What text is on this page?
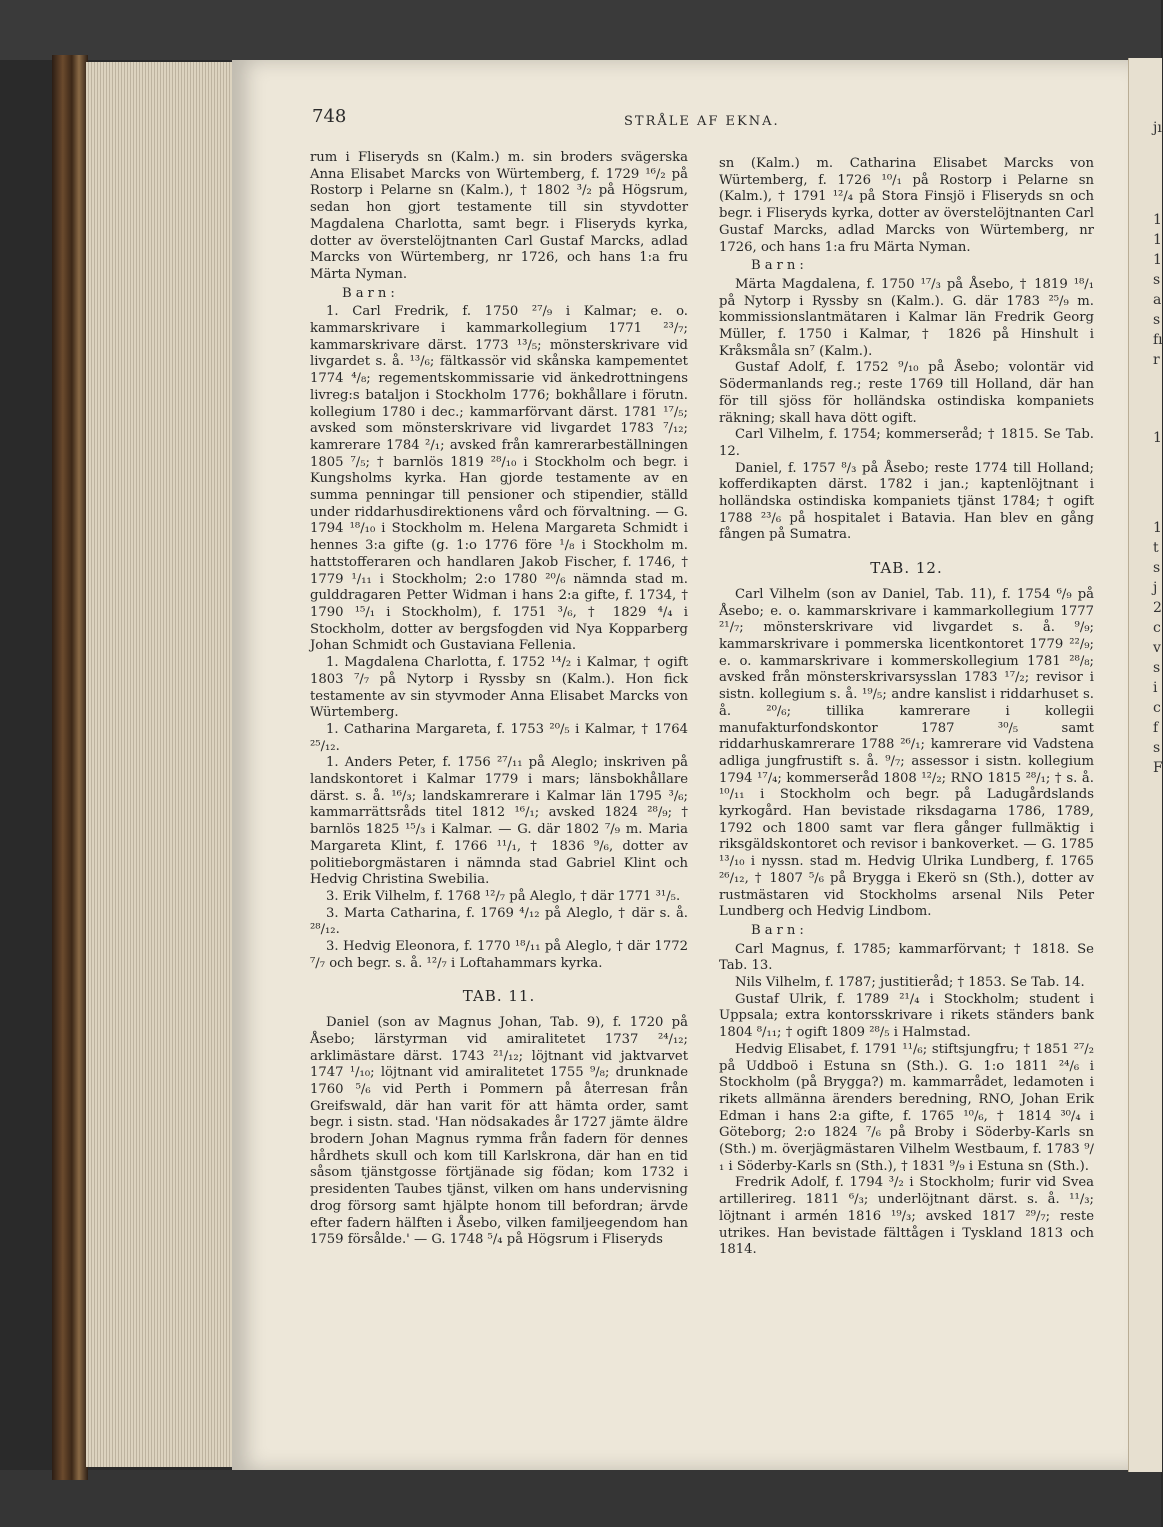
748	STRÅLE AF EKNA.

rum i Fliseryds sn (Kalm.) m. sin broders svägerska Anna Elisabet Marcks von Würtemberg, f. 1729 ¹⁶/₂ på Rostorp i Pelarne sn (Kalm.), † 1802 ³/₂ på Högsrum, sedan hon gjort testamente till sin styvdotter Magdalena Charlotta, samt begr. i Fliseryds kyrka, dotter av överstelöjtnanten Carl Gustaf Marcks, adlad Marcks von Würtemberg, nr 1726, och hans 1:a fru Märta Nyman.

Barn:

1. Carl Fredrik, f. 1750 ²⁷/₉ i Kalmar; e. o. kammarskrivare i kammarkollegium 1771 ²³/₇; kammarskrivare därst. 1773 ¹³/₅; mönsterskrivare vid livgardet s. å. ¹³/₆; fältkassör vid skånska kampementet 1774 ⁴/₈; regementskommissarie vid änkedrottningens livreg:s bataljon i Stockholm 1776; bokhållare i förutn. kollegium 1780 i dec.; kammarförvant därst. 1781 ¹⁷/₅; avsked som mönsterskrivare vid livgardet 1783 ⁷/₁₂; kamrerare 1784 ²/₁; avsked från kamrerarbeställningen 1805 ⁷/₅; † barnlös 1819 ²⁸/₁₀ i Stockholm och begr. i Kungsholms kyrka. Han gjorde testamente av en summa penningar till pensioner och stipendier, ställd under riddarhusdirektionens vård och förvaltning. — G. 1794 ¹⁸/₁₀ i Stockholm m. Helena Margareta Schmidt i hennes 3:a gifte (g. 1:o 1776 före ¹/₈ i Stockholm m. hattstofferaren och handlaren Jakob Fischer, f. 1746, † 1779 ¹/₁₁ i Stockholm; 2:o 1780 ²⁰/₆ nämnda stad m. gulddragaren Petter Widman i hans 2:a gifte, f. 1734, † 1790 ¹⁵/₁ i Stockholm), f. 1751 ³/₆, † 1829 ⁴/₄ i Stockholm, dotter av bergsfogden vid Nya Kopparberg Johan Schmidt och Gustaviana Fellenia.

1. Magdalena Charlotta, f. 1752 ¹⁴/₂ i Kalmar, † ogift 1803 ⁷/₇ på Nytorp i Ryssby sn (Kalm.). Hon fick testamente av sin styvmoder Anna Elisabet Marcks von Würtemberg.

1. Catharina Margareta, f. 1753 ²⁰/₅ i Kalmar, † 1764 ²⁵/₁₂.

1. Anders Peter, f. 1756 ²⁷/₁₁ på Aleglo; inskriven på landskontoret i Kalmar 1779 i mars; länsbokhållare därst. s. å. ¹⁶/₃; landskamrerare i Kalmar län 1795 ³/₆; kammarrättsråds titel 1812 ¹⁶/₁; avsked 1824 ²⁸/₉; † barnlös 1825 ¹⁵/₃ i Kalmar. — G. där 1802 ⁷/₉ m. Maria Margareta Klint, f. 1766 ¹¹/₁, † 1836 ⁹/₆, dotter av politieborgmästaren i nämnda stad Gabriel Klint och Hedvig Christina Swebilia.

3. Erik Vilhelm, f. 1768 ¹²/₇ på Aleglo, † där 1771 ³¹/₅.

3. Marta Catharina, f. 1769 ⁴/₁₂ på Aleglo, † där s. å. ²⁸/₁₂.

3. Hedvig Eleonora, f. 1770 ¹⁸/₁₁ på Aleglo, † där 1772 ⁷/₇ och begr. s. å. ¹²/₇ i Loftahammars kyrka.

TAB. 11.

Daniel (son av Magnus Johan, Tab. 9), f. 1720 på Åsebo; lärstyrman vid amiralitetet 1737 ²⁴/₁₂; arklimästare därst. 1743 ²¹/₁₂; löjtnant vid jaktvarvet 1747 ¹/₁₀; löjtnant vid amiralitetet 1755 ⁹/₈; drunknade 1760 ⁵/₆ vid Perth i Pommern på återresan från Greifswald, där han varit för att hämta order, samt begr. i sistn. stad. 'Han nödsakades år 1727 jämte äldre brodern Johan Magnus rymma från fadern för dennes hårdhets skull och kom till Karlskrona, där han en tid såsom tjänstgosse förtjänade sig födan; kom 1732 i presidenten Taubes tjänst, vilken om hans undervisning drog försorg samt hjälpte honom till befordran; ärvde efter fadern hälften i Åsebo, vilken familjeegendom han 1759 försålde.' — G. 1748 ⁵/₄ på Högsrum i Fliseryds

sn (Kalm.) m. Catharina Elisabet Marcks von Würtemberg, f. 1726 ¹⁰/₁ på Rostorp i Pelarne sn (Kalm.), † 1791 ¹²/₄ på Stora Finsjö i Fliseryds sn och begr. i Fliseryds kyrka, dotter av överstelöjtnanten Carl Gustaf Marcks, adlad Marcks von Würtemberg, nr 1726, och hans 1:a fru Märta Nyman.

Barn:

Märta Magdalena, f. 1750 ¹⁷/₃ på Åsebo, † 1819 ¹⁸/₁ på Nytorp i Ryssby sn (Kalm.). G. där 1783 ²⁵/₉ m. kommissionslantmätaren i Kalmar län Fredrik Georg Müller, f. 1750 i Kalmar, † 1826 på Hinshult i Kråksmåla sn⁷ (Kalm.).

Gustaf Adolf, f. 1752 ⁹/₁₀ på Åsebo; volontär vid Södermanlands reg.; reste 1769 till Holland, där han för till sjöss för holländska ostindiska kompaniets räkning; skall hava dött ogift.

Carl Vilhelm, f. 1754; kommerseråd; † 1815. Se Tab. 12.

Daniel, f. 1757 ⁸/₃ på Åsebo; reste 1774 till Holland; kofferdikapten därst. 1782 i jan.; kaptenlöjtnant i holländska ostindiska kompaniets tjänst 1784; † ogift 1788 ²³/₆ på hospitalet i Batavia. Han blev en gång fången på Sumatra.

TAB. 12.

Carl Vilhelm (son av Daniel, Tab. 11), f. 1754 ⁶/₉ på Åsebo; e. o. kammarskrivare i kammarkollegium 1777 ²¹/₇; mönsterskrivare vid livgardet s. å. ⁹/₉; kammarskrivare i pommerska licentkontoret 1779 ²²/₉; e. o. kammarskrivare i kommerskollegium 1781 ²⁸/₈; avsked från mönsterskrivarsysslan 1783 ¹⁷/₂; revisor i sistn. kollegium s. å. ¹⁹/₅; andre kanslist i riddarhuset s. å. ²⁰/₆; tillika kamrerare i kollegii manufakturfondskontor 1787 ³⁰/₅ samt riddarhuskamrerare 1788 ²⁶/₁; kamrerare vid Vadstena adliga jungfrustift s. å. ⁹/₇; assessor i sistn. kollegium 1794 ¹⁷/₄; kommerseråd 1808 ¹²/₂; RNO 1815 ²⁸/₁; † s. å. ¹⁰/₁₁ i Stockholm och begr. på Ladugårdslands kyrkogård. Han bevistade riksdagarna 1786, 1789, 1792 och 1800 samt var flera gånger fullmäktig i riksgäldskontoret och revisor i bankoverket. — G. 1785 ¹³/₁₀ i nyssn. stad m. Hedvig Ulrika Lundberg, f. 1765 ²⁶/₁₂, † 1807 ⁵/₆ på Brygga i Ekerö sn (Sth.), dotter av rustmästaren vid Stockholms arsenal Nils Peter Lundberg och Hedvig Lindbom.

Barn:

Carl Magnus, f. 1785; kammarförvant; † 1818. Se Tab. 13.

Nils Vilhelm, f. 1787; justitieråd; † 1853. Se Tab. 14.

Gustaf Ulrik, f. 1789 ²¹/₄ i Stockholm; student i Uppsala; extra kontorsskrivare i rikets ständers bank 1804 ⁸/₁₁; † ogift 1809 ²⁸/₅ i Halmstad.

Hedvig Elisabet, f. 1791 ¹¹/₆; stiftsjungfru; † 1851 ²⁷/₂ på Uddboö i Estuna sn (Sth.). G. 1:o 1811 ²⁴/₆ i Stockholm (på Brygga?) m. kammarrådet, ledamoten i rikets allmänna ärenders beredning, RNO, Johan Erik Edman i hans 2:a gifte, f. 1765 ¹⁰/₆, † 1814 ³⁰/₄ i Göteborg; 2:o 1824 ⁷/₆ på Broby i Söderby-Karls sn (Sth.) m. överjägmästaren Vilhelm Westbaum, f. 1783 ⁹/₁ i Söderby-Karls sn (Sth.), † 1831 ⁹/₉ i Estuna sn (Sth.).

Fredrik Adolf, f. 1794 ³/₂ i Stockholm; furir vid Svea artillerireg. 1811 ⁶/₃; underlöjtnant därst. s. å. ¹¹/₃; löjtnant i armén 1816 ¹⁹/₃; avsked 1817 ²⁹/₇; reste utrikes. Han bevistade fälttågen i Tyskland 1813 och 1814.

jı
1
1
1
s
a
s
fı
r
1
1
t
s
j
2
c
v
s
i
c
f
s
F
